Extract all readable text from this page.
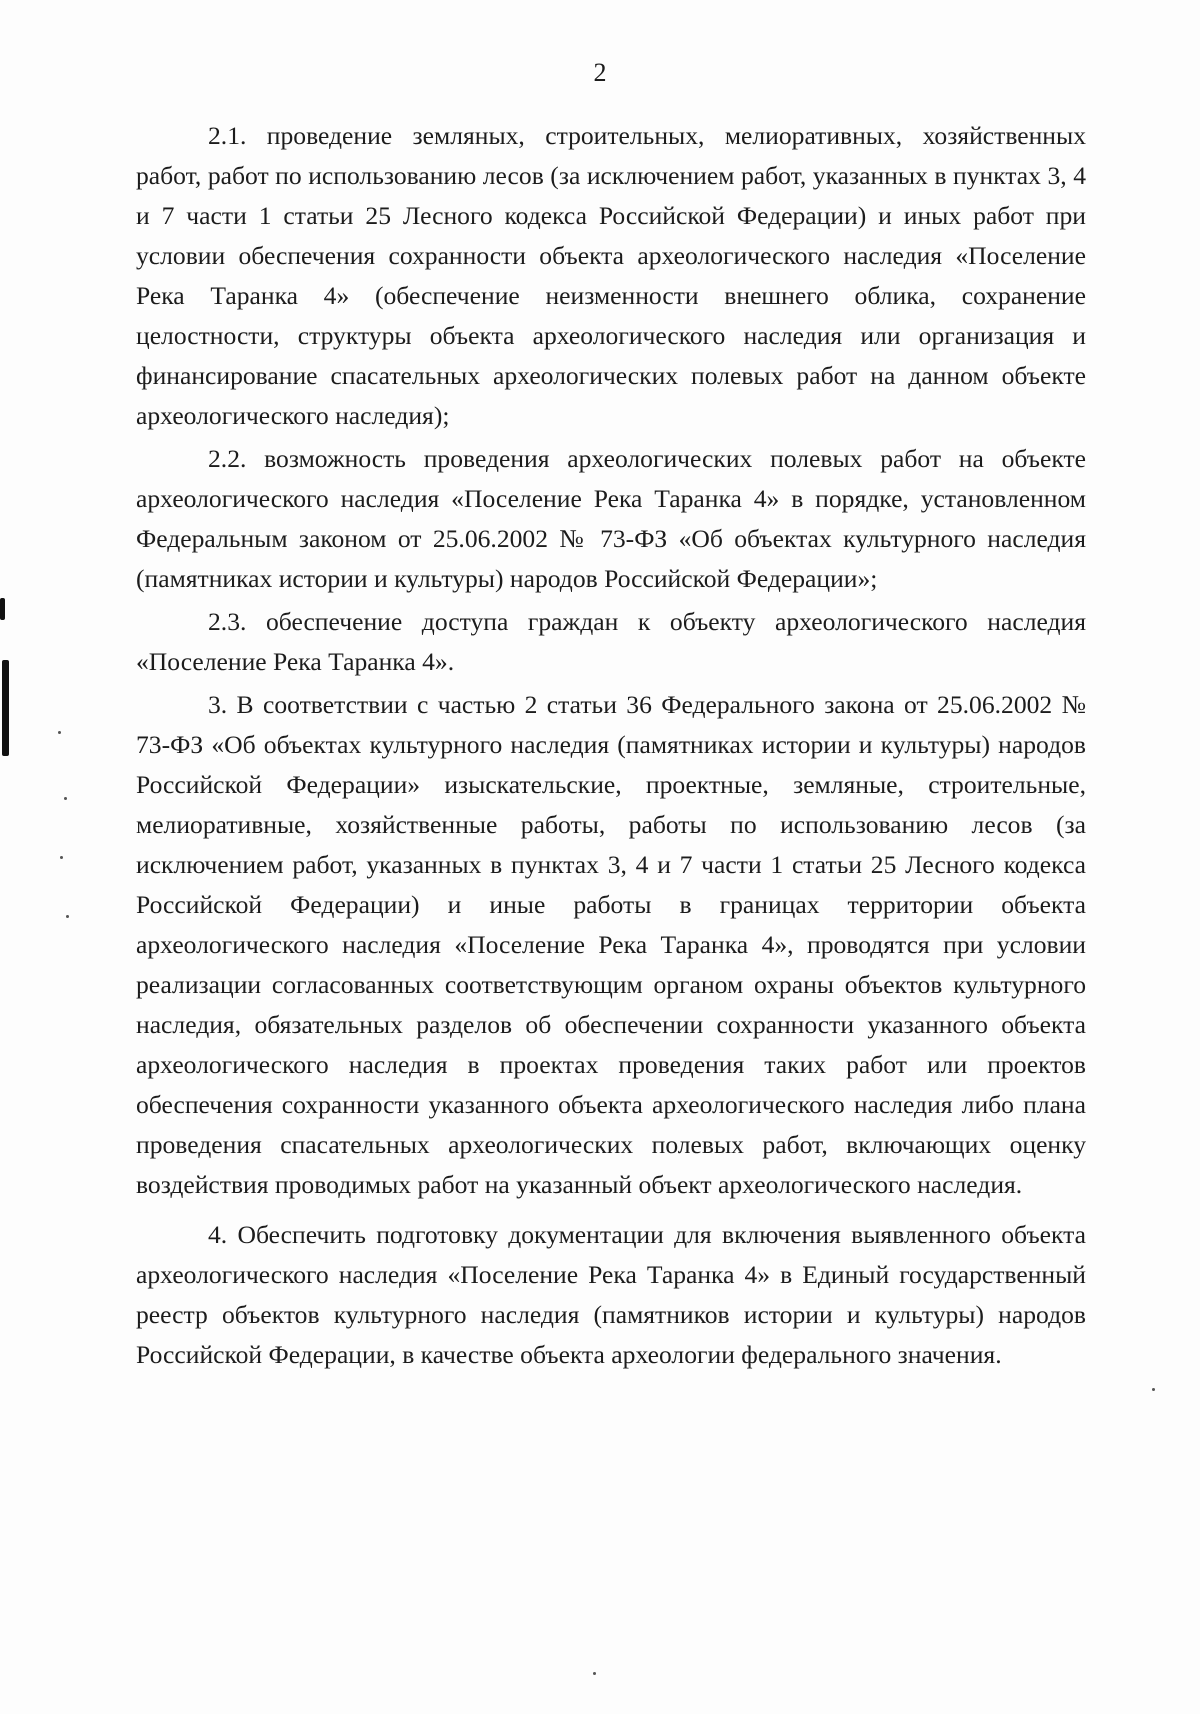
2

2.1. проведение земляных, строительных, мелиоративных, хозяйственных работ, работ по использованию лесов (за исключением работ, указанных в пунктах 3, 4 и 7 части 1 статьи 25 Лесного кодекса Российской Федерации) и иных работ при условии обеспечения сохранности объекта археологического наследия «Поселение Река Таранка 4» (обеспечение неизменности внешнего облика, сохранение целостности, структуры объекта археологического наследия или организация и финансирование спасательных археологических полевых работ на данном объекте археологического наследия);

2.2. возможность проведения археологических полевых работ на объекте археологического наследия «Поселение Река Таранка 4» в порядке, установленном Федеральным законом от 25.06.2002 № 73-ФЗ «Об объектах культурного наследия (памятниках истории и культуры) народов Российской Федерации»;

2.3. обеспечение доступа граждан к объекту археологического наследия «Поселение Река Таранка 4».

3. В соответствии с частью 2 статьи 36 Федерального закона от 25.06.2002 № 73-ФЗ «Об объектах культурного наследия (памятниках истории и культуры) народов Российской Федерации» изыскательские, проектные, земляные, строительные, мелиоративные, хозяйственные работы, работы по использованию лесов (за исключением работ, указанных в пунктах 3, 4 и 7 части 1 статьи 25 Лесного кодекса Российской Федерации) и иные работы в границах территории объекта археологического наследия «Поселение Река Таранка 4», проводятся при условии реализации согласованных соответствующим органом охраны объектов культурного наследия, обязательных разделов об обеспечении сохранности указанного объекта археологического наследия в проектах проведения таких работ или проектов обеспечения сохранности указанного объекта археологического наследия либо плана проведения спасательных археологических полевых работ, включающих оценку воздействия проводимых работ на указанный объект археологического наследия.

4. Обеспечить подготовку документации для включения выявленного объекта археологического наследия «Поселение Река Таранка 4» в Единый государственный реестр объектов культурного наследия (памятников истории и культуры) народов Российской Федерации, в качестве объекта археологии федерального значения.
